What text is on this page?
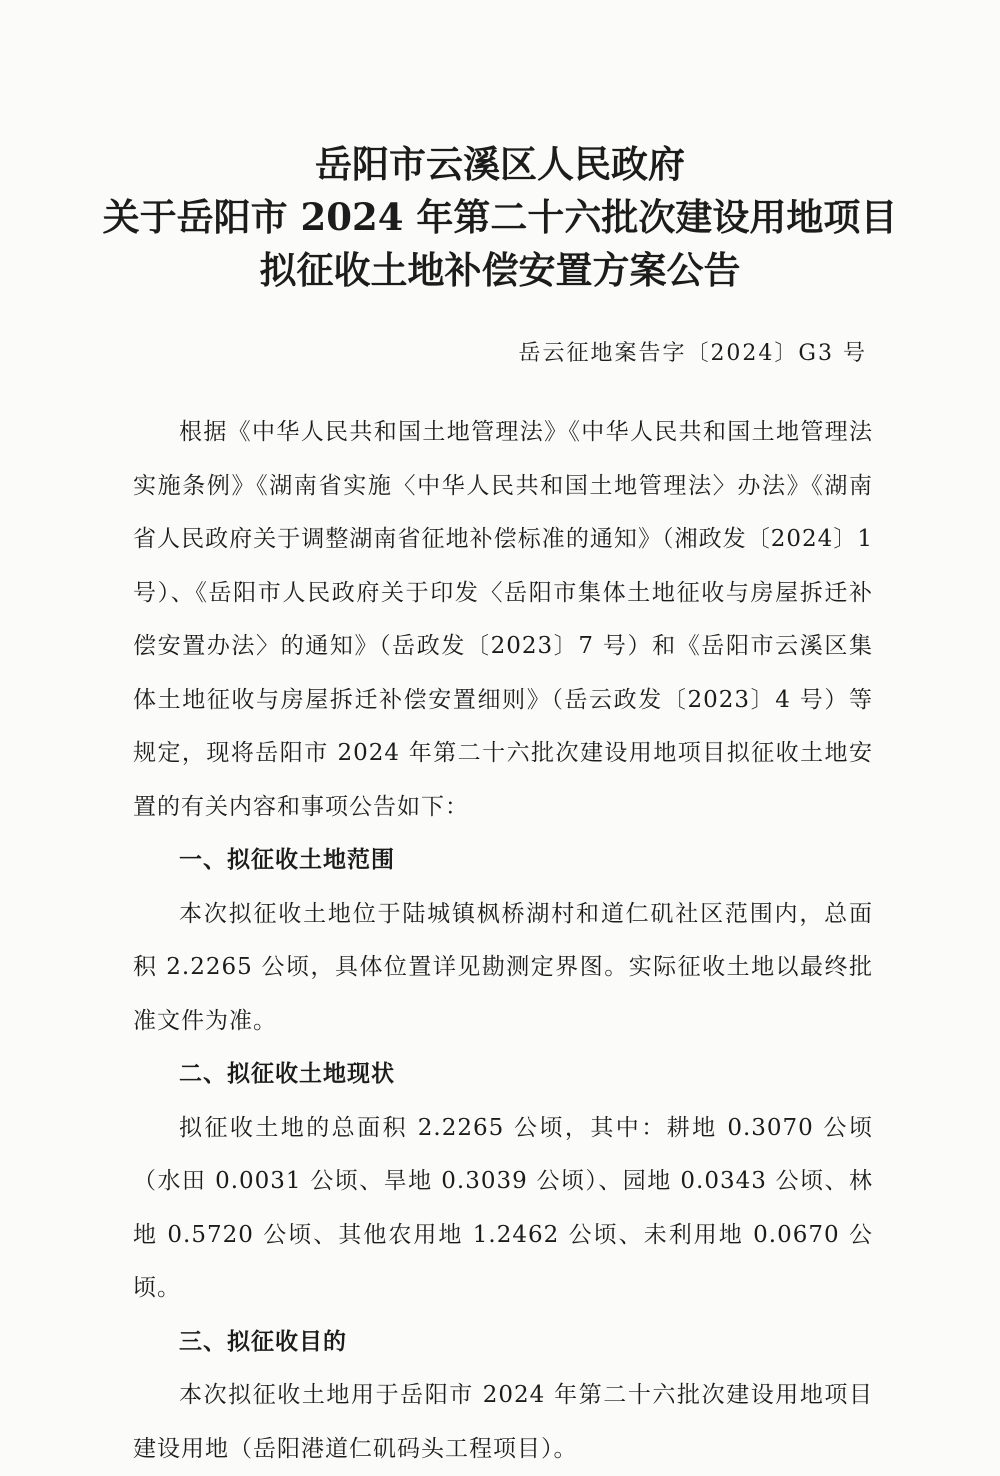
岳阳市云溪区人民政府
关于岳阳市 2024 年第二十六批次建设用地项目
拟征收土地补偿安置方案公告
岳云征地案告字〔2024〕G3 号

根据《中华人民共和国土地管理法》《中华人民共和国土地管理法实施条例》《湖南省实施〈中华人民共和国土地管理法〉办法》《湖南省人民政府关于调整湖南省征地补偿标准的通知》（湘政发〔2024〕1 号）、《岳阳市人民政府关于印发〈岳阳市集体土地征收与房屋拆迁补偿安置办法〉的通知》（岳政发〔2023〕7 号）和《岳阳市云溪区集体土地征收与房屋拆迁补偿安置细则》（岳云政发〔2023〕4 号）等规定，现将岳阳市 2024 年第二十六批次建设用地项目拟征收土地安置的有关内容和事项公告如下：

一、拟征收土地范围

本次拟征收土地位于陆城镇枫桥湖村和道仁矶社区范围内，总面积 2.2265 公顷，具体位置详见勘测定界图。实际征收土地以最终批准文件为准。

二、拟征收土地现状

拟征收土地的总面积 2.2265 公顷，其中：耕地 0.3070 公顷（水田 0.0031 公顷、旱地 0.3039 公顷）、园地 0.0343 公顷、林地 0.5720 公顷、其他农用地 1.2462 公顷、未利用地 0.0670 公顷。

三、拟征收目的

本次拟征收土地用于岳阳市 2024 年第二十六批次建设用地项目建设用地（岳阳港道仁矶码头工程项目）。
